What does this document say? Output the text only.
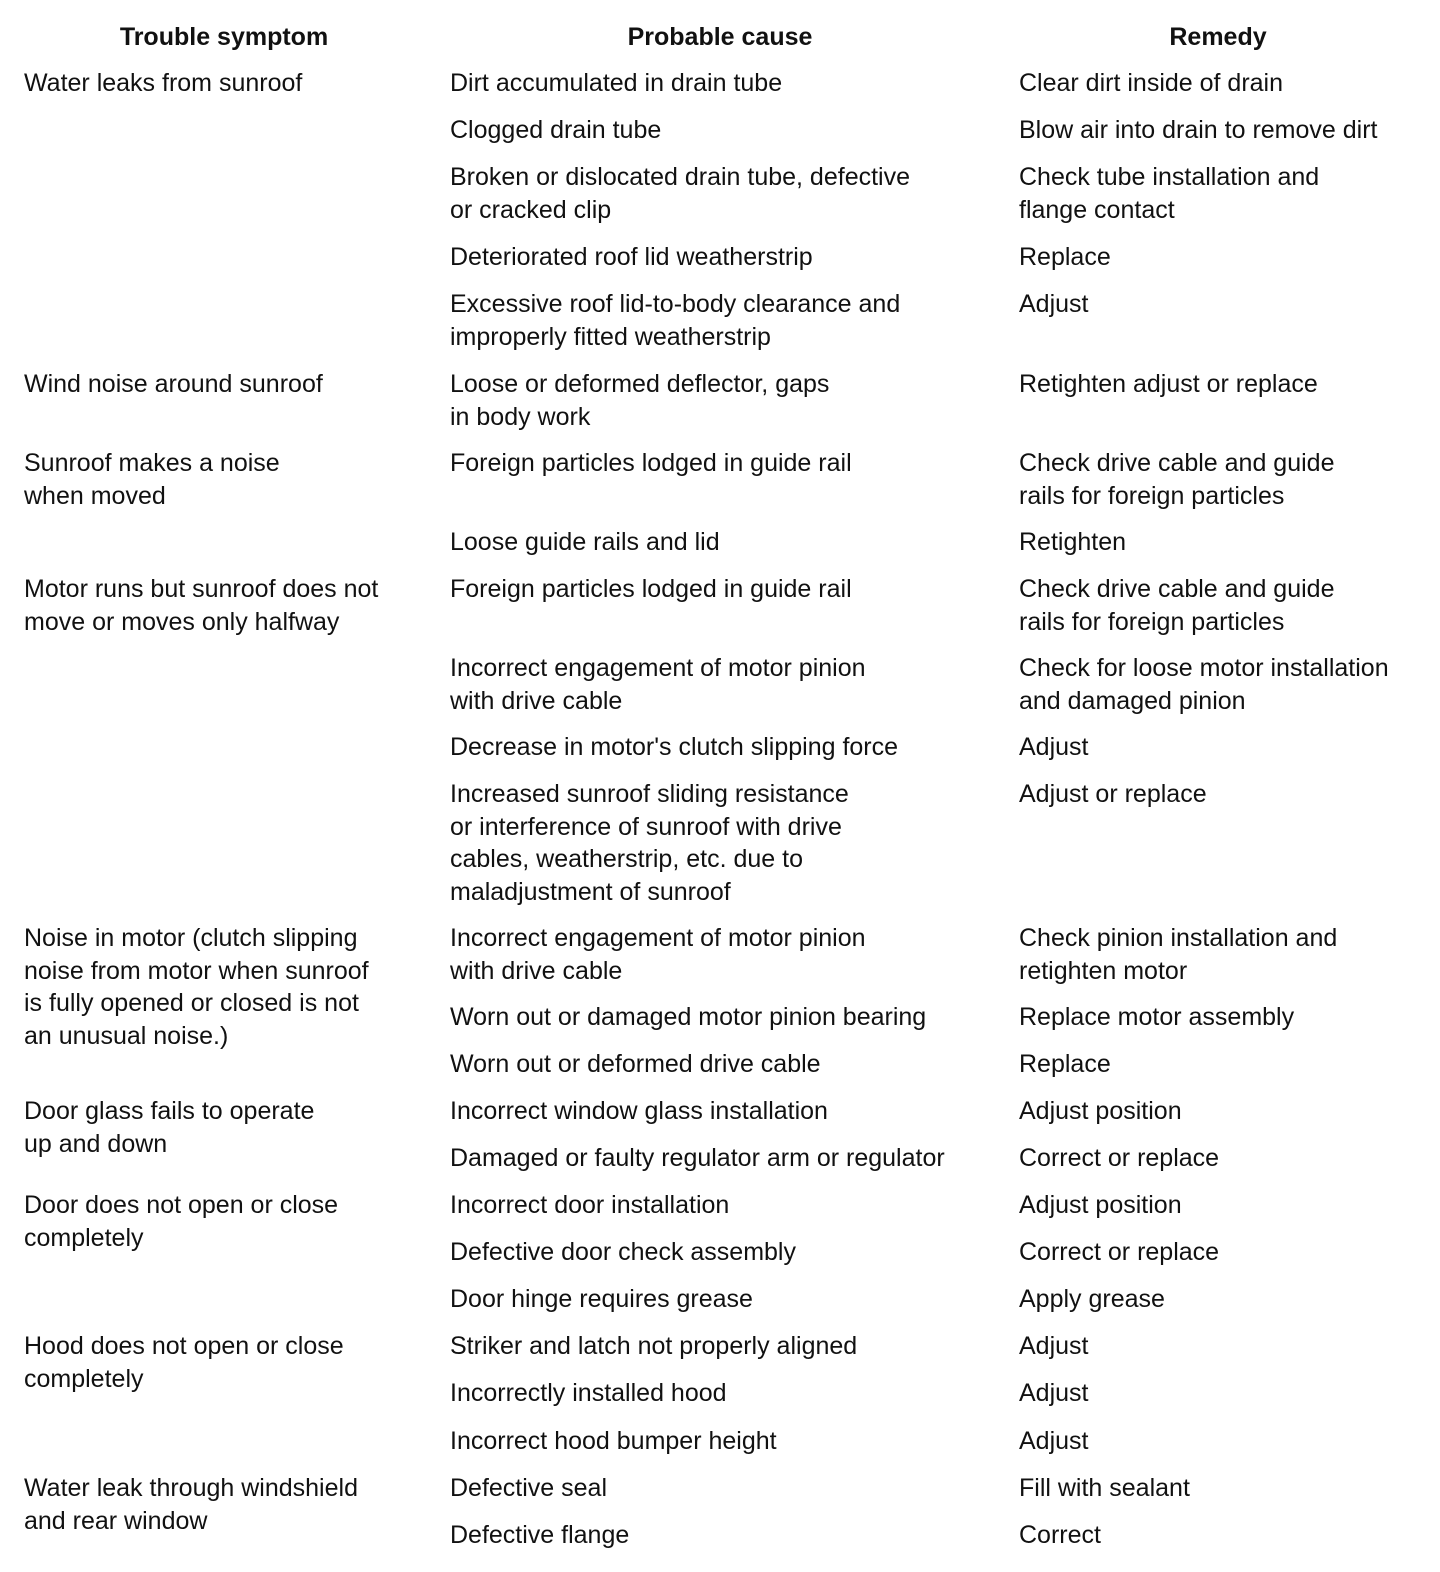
Trouble symptom	Probable cause	Remedy
Water leaks from sunroof
Wind noise around sunroof
Sunroof makes a noise
when moved
Motor runs but sunroof does not
move or moves only halfway
Noise in motor (clutch slipping
noise from motor when sunroof
is fully opened or closed is not
an unusual noise.)
Door glass fails to operate
up and down
Door does not open or close
completely
Hood does not open or close
completely
Water leak through windshield
and rear window
Dirt accumulated in drain tube
Clogged drain tube
Broken or dislocated drain tube, defective
or cracked clip
Deteriorated roof lid weatherstrip
Excessive roof lid-to-body clearance and
improperly fitted weatherstrip
Loose or deformed deflector, gaps
in body work
Foreign particles lodged in guide rail
Loose guide rails and lid
Foreign particles lodged in guide rail
Incorrect engagement of motor pinion
with drive cable
Decrease in motor's clutch slipping force
Increased sunroof sliding resistance
or interference of sunroof with drive
cables, weatherstrip, etc. due to
maladjustment of sunroof
Incorrect engagement of motor pinion
with drive cable
Worn out or damaged motor pinion bearing
Worn out or deformed drive cable
Incorrect window glass installation
Damaged or faulty regulator arm or regulator
Incorrect door installation
Defective door check assembly
Door hinge requires grease
Striker and latch not properly aligned
Incorrectly installed hood
Incorrect hood bumper height
Defective seal
Defective flange
Clear dirt inside of drain
Blow air into drain to remove dirt
Check tube installation and
flange contact
Replace
Adjust
Retighten adjust or replace
Check drive cable and guide
rails for foreign particles
Retighten
Check drive cable and guide
rails for foreign particles
Check for loose motor installation
and damaged pinion
Adjust
Adjust or replace
Check pinion installation and
retighten motor
Replace motor assembly
Replace
Adjust position
Correct or replace
Adjust position
Correct or replace
Apply grease
Adjust
Adjust
Adjust
Fill with sealant
Correct
